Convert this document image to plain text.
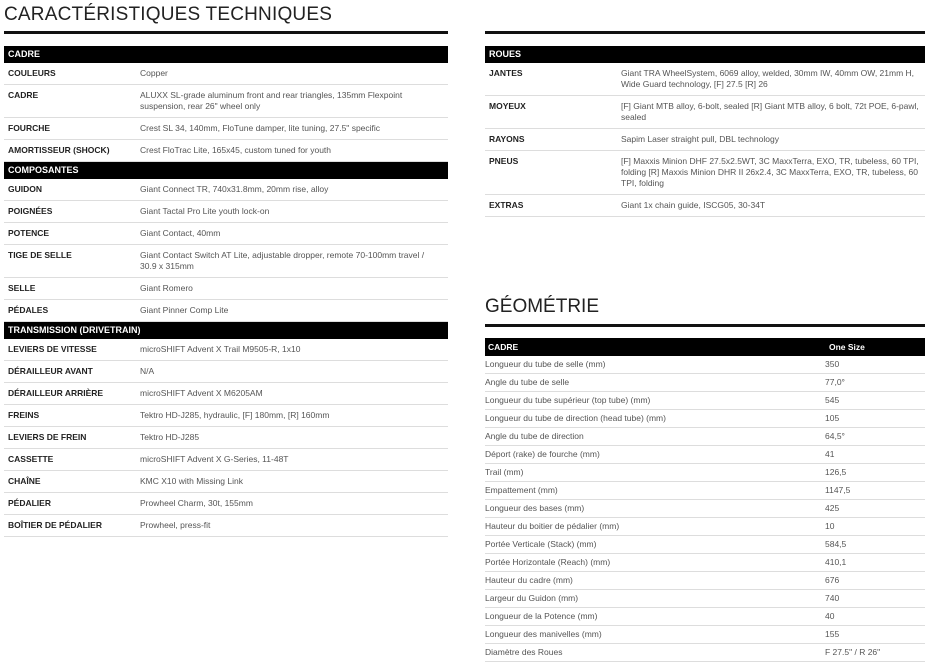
CARACTÉRISTIQUES TECHNIQUES
CADRE
COULEURS	Copper
CADRE	ALUXX SL-grade aluminum front and rear triangles, 135mm Flexpoint suspension, rear 26" wheel only
FOURCHE	Crest SL 34, 140mm, FloTune damper, lite tuning, 27.5" specific
AMORTISSEUR (SHOCK)	Crest FloTrac Lite, 165x45, custom tuned for youth
COMPOSANTES
GUIDON	Giant Connect TR, 740x31.8mm, 20mm rise, alloy
POIGNÉES	Giant Tactal Pro Lite youth lock-on
POTENCE	Giant Contact, 40mm
TIGE DE SELLE	Giant Contact Switch AT Lite, adjustable dropper, remote 70-100mm travel / 30.9 x 315mm
SELLE	Giant Romero
PÉDALES	Giant Pinner Comp Lite
TRANSMISSION (DRIVETRAIN)
LEVIERS DE VITESSE	microSHIFT Advent X Trail M9505-R, 1x10
DÉRAILLEUR AVANT	N/A
DÉRAILLEUR ARRIÈRE	microSHIFT Advent X M6205AM
FREINS	Tektro HD-J285, hydraulic, [F] 180mm, [R] 160mm
LEVIERS DE FREIN	Tektro HD-J285
CASSETTE	microSHIFT Advent X G-Series, 11-48T
CHAÎNE	KMC X10 with Missing Link
PÉDALIER	Prowheel Charm, 30t, 155mm
BOÎTIER DE PÉDALIER	Prowheel, press-fit
ROUES
JANTES	Giant TRA WheelSystem, 6069 alloy, welded, 30mm IW, 40mm OW, 21mm H, Wide Guard technology, [F] 27.5 [R] 26
MOYEUX	[F] Giant MTB alloy, 6-bolt, sealed [R] Giant MTB alloy, 6 bolt, 72t POE, 6-pawl, sealed
RAYONS	Sapim Laser straight pull, DBL technology
PNEUS	[F] Maxxis Minion DHF 27.5x2.5WT, 3C MaxxTerra, EXO, TR, tubeless, 60 TPI, folding [R] Maxxis Minion DHR II 26x2.4, 3C MaxxTerra, EXO, TR, tubeless, 60 TPI, folding
EXTRAS	Giant 1x chain guide, ISCG05, 30-34T
GÉOMÉTRIE
CADRE	One Size
Longueur du tube de selle (mm)	350
Angle du tube de selle	77,0°
Longueur du tube supérieur (top tube) (mm)	545
Longueur du tube de direction (head tube) (mm)	105
Angle du tube de direction	64,5°
Déport (rake) de fourche (mm)	41
Trail (mm)	126,5
Empattement (mm)	1147,5
Longueur des bases (mm)	425
Hauteur du boitier de pédalier (mm)	10
Portée Verticale (Stack) (mm)	584,5
Portée Horizontale (Reach) (mm)	410,1
Hauteur du cadre (mm)	676
Largeur du Guidon (mm)	740
Longueur de la Potence (mm)	40
Longueur des manivelles (mm)	155
Diamètre des Roues	F 27.5" / R 26"
